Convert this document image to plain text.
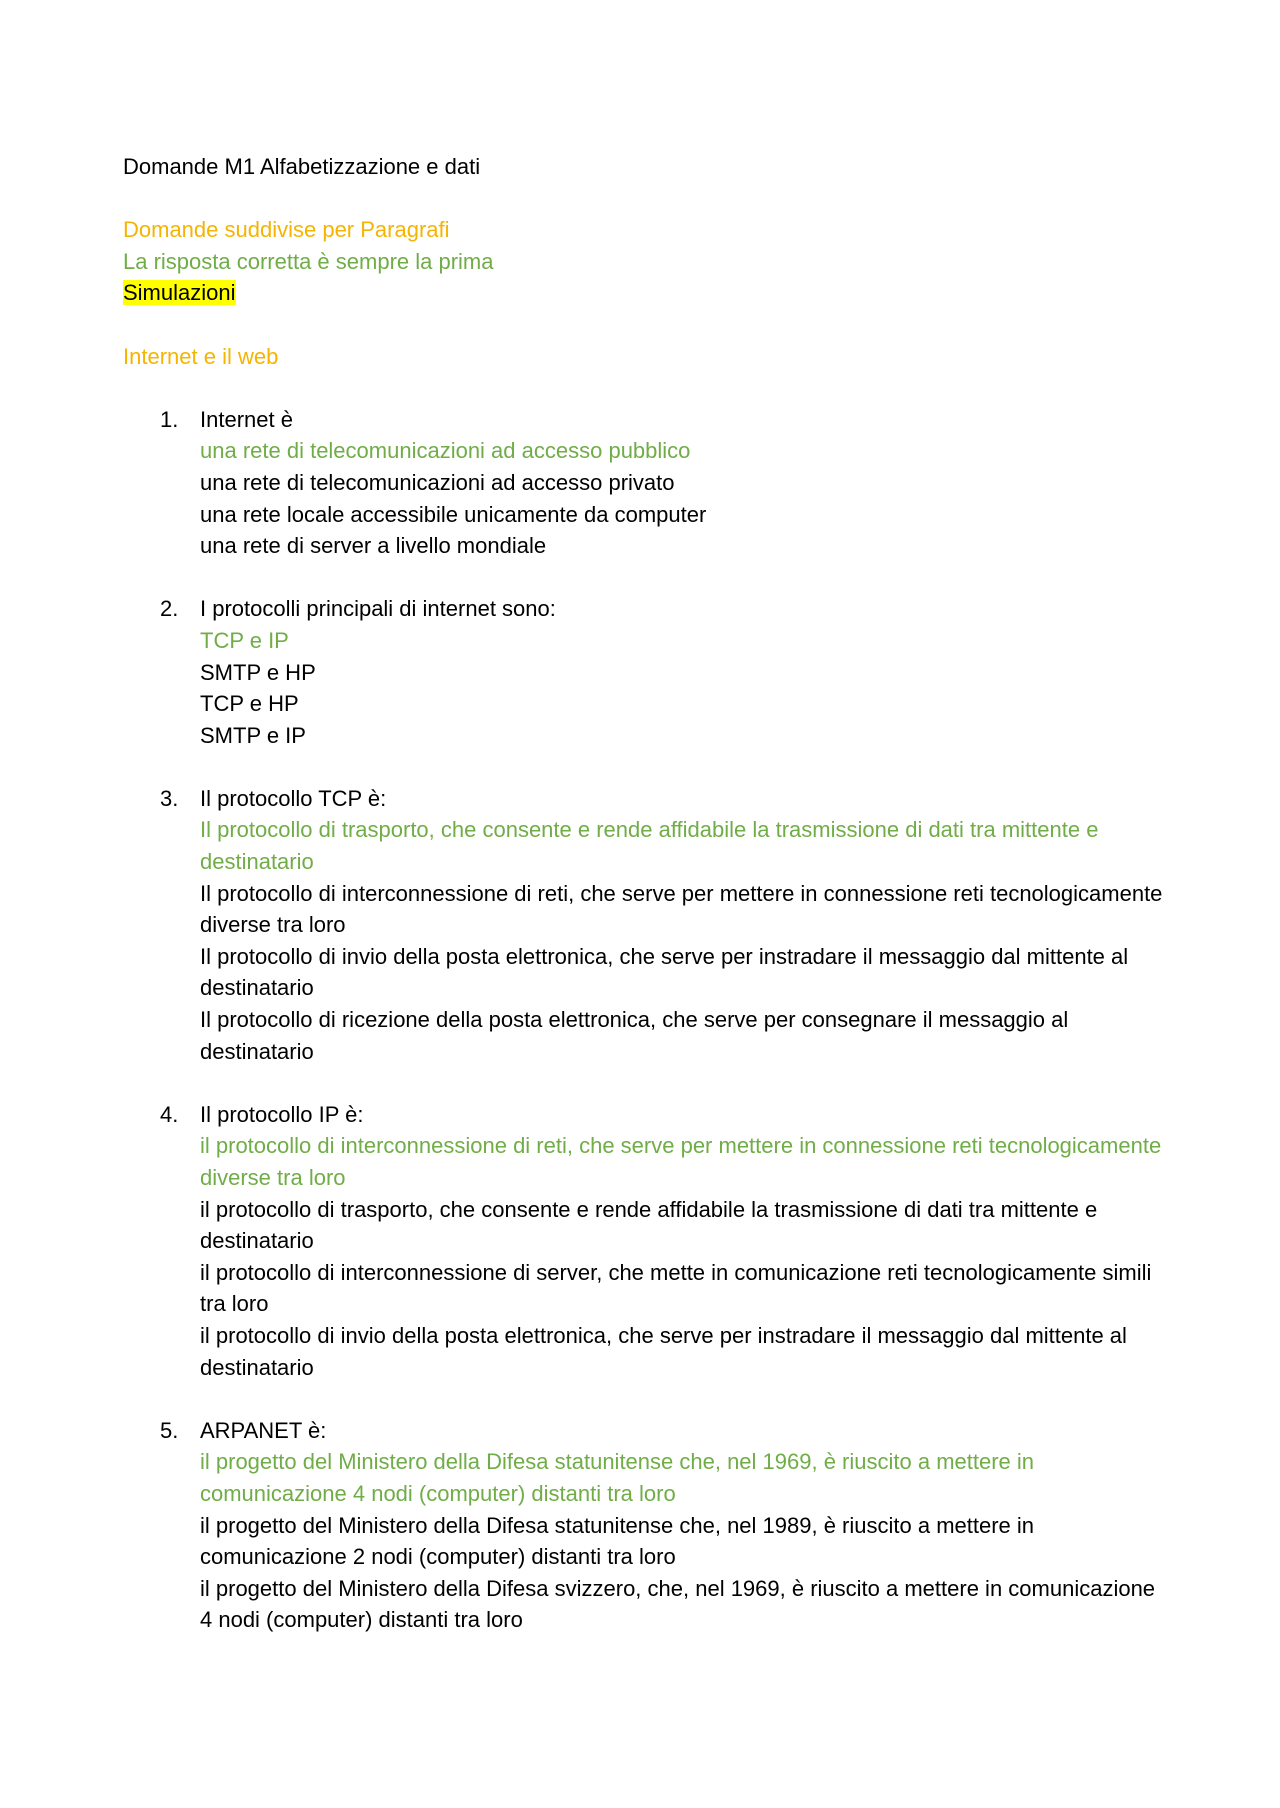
Domande M1 Alfabetizzazione e dati

Domande suddivise per Paragrafi

La risposta corretta è sempre la prima

Simulazioni

Internet e il web

1. Internet è
una rete di telecomunicazioni ad accesso pubblico
una rete di telecomunicazioni ad accesso privato
una rete locale accessibile unicamente da computer
una rete di server a livello mondiale
2. I protocolli principali di internet sono:
TCP e IP
SMTP e HP
TCP e HP
SMTP e IP
3. Il protocollo TCP è:
Il protocollo di trasporto, che consente e rende affidabile la trasmissione di dati tra mittente e destinatario
Il protocollo di interconnessione di reti, che serve per mettere in connessione reti tecnologicamente diverse tra loro
Il protocollo di invio della posta elettronica, che serve per instradare il messaggio dal mittente al destinatario
Il protocollo di ricezione della posta elettronica, che serve per consegnare il messaggio al destinatario
4. Il protocollo IP è:
il protocollo di interconnessione di reti, che serve per mettere in connessione reti tecnologicamente diverse tra loro
il protocollo di trasporto, che consente e rende affidabile la trasmissione di dati tra mittente e destinatario
il protocollo di interconnessione di server, che mette in comunicazione reti tecnologicamente simili tra loro
il protocollo di invio della posta elettronica, che serve per instradare il messaggio dal mittente al destinatario
5. ARPANET è:
il progetto del Ministero della Difesa statunitense che, nel 1969, è riuscito a mettere in comunicazione 4 nodi (computer) distanti tra loro
il progetto del Ministero della Difesa statunitense che, nel 1989, è riuscito a mettere in comunicazione 2 nodi (computer) distanti tra loro
il progetto del Ministero della Difesa svizzero, che, nel 1969, è riuscito a mettere in comunicazione 4 nodi (computer) distanti tra loro
